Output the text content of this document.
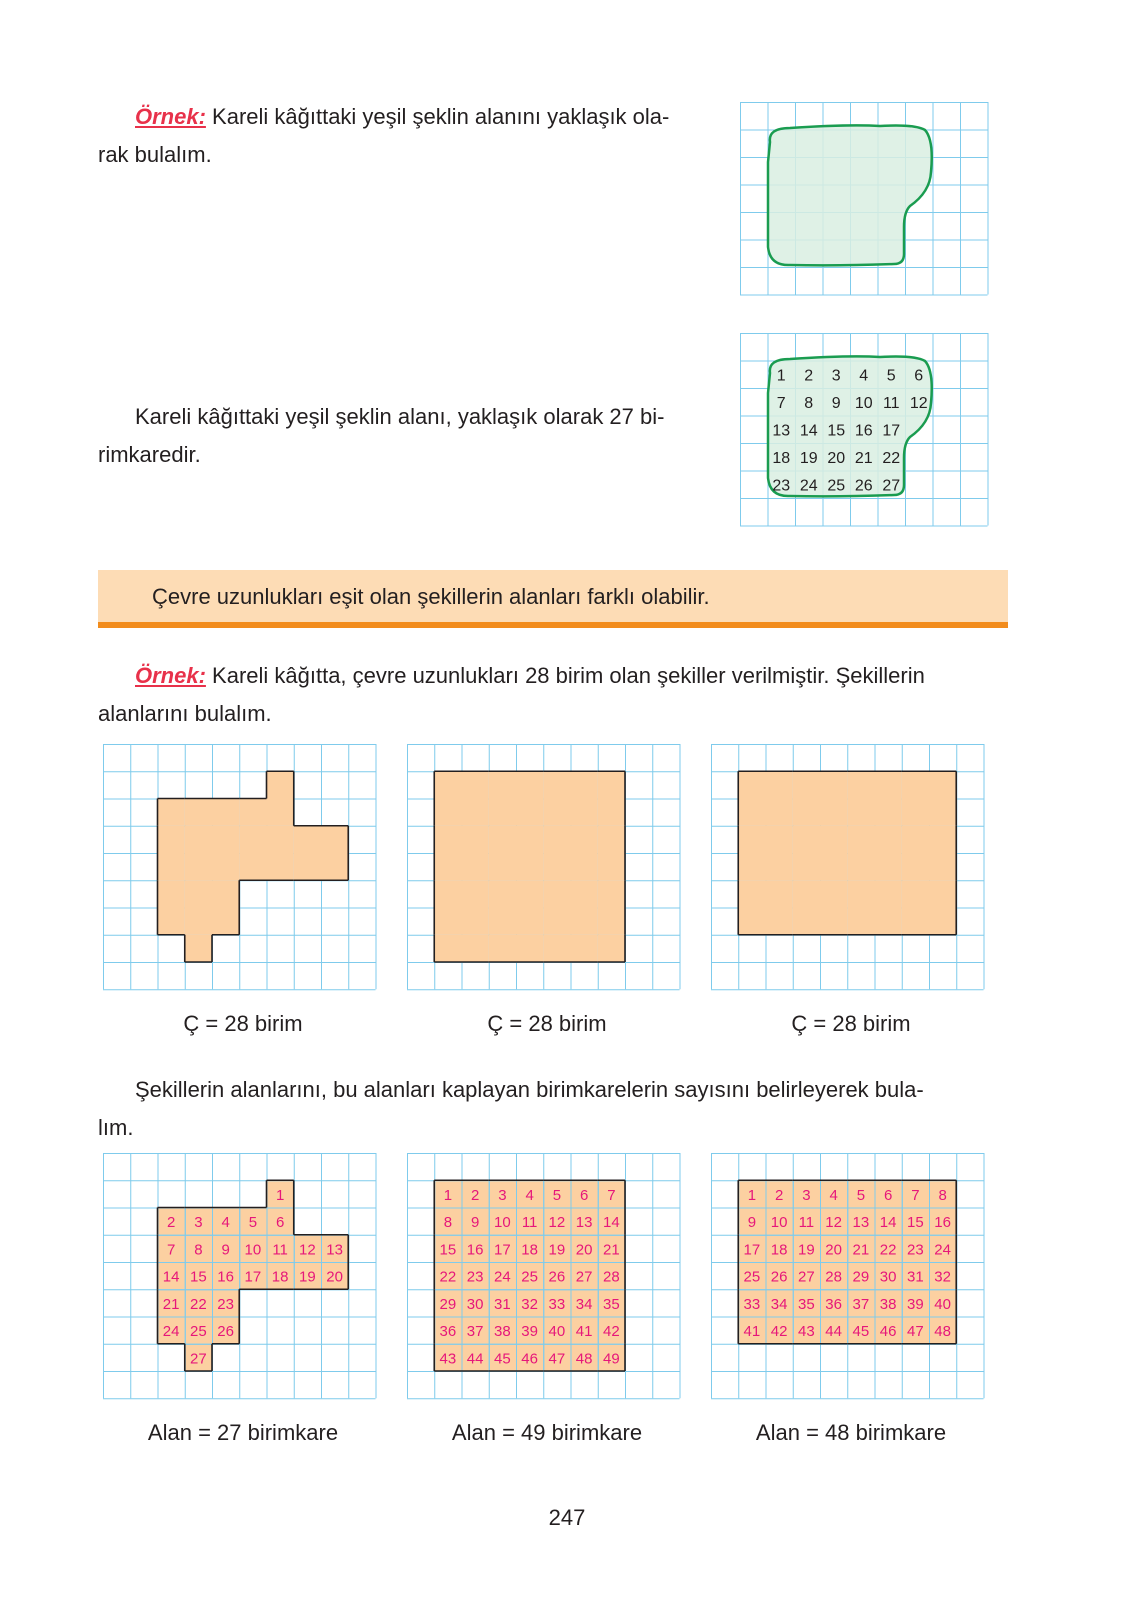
Örnek: Kareli kâğıttaki yeşil şeklin alanını yaklaşık ola-

rak bulalım.

Kareli kâğıttaki yeşil şeklin alanı, yaklaşık olarak 27 bi-

rimkaredir.

1 2 3 4 5 6
7 8 9 10 11 12
13 14 15 16 17
18 19 20 21 22
23 24 25 26 27
Çevre uzunlukları eşit olan şekillerin alanları farklı olabilir.

Örnek: Kareli kâğıtta, çevre uzunlukları 28 birim olan şekiller verilmiştir. Şekillerin

alanlarını bulalım.

Ç = 28 birim	Ç = 28 birim	Ç = 28 birim

Şekillerin alanlarını, bu alanları kaplayan birimkarelerin sayısını belirleyerek bula-

lım.

1
2 3 4 5 6
7 8 9 10 11 12 13
14 15 16 17 18 19 20
21 22 23
24 25 26
27
1 2 3 4 5 6 7
8 9 10 11 12 13 14
15 16 17 18 19 20 21
22 23 24 25 26 27 28
29 30 31 32 33 34 35
36 37 38 39 40 41 42
43 44 45 46 47 48 49
1 2 3 4 5 6 7 8
9 10 11 12 13 14 15 16
17 18 19 20 21 22 23 24
25 26 27 28 29 30 31 32
33 34 35 36 37 38 39 40
41 42 43 44 45 46 47 48
Alan = 27 birimkare	Alan = 49 birimkare	Alan = 48 birimkare
247
